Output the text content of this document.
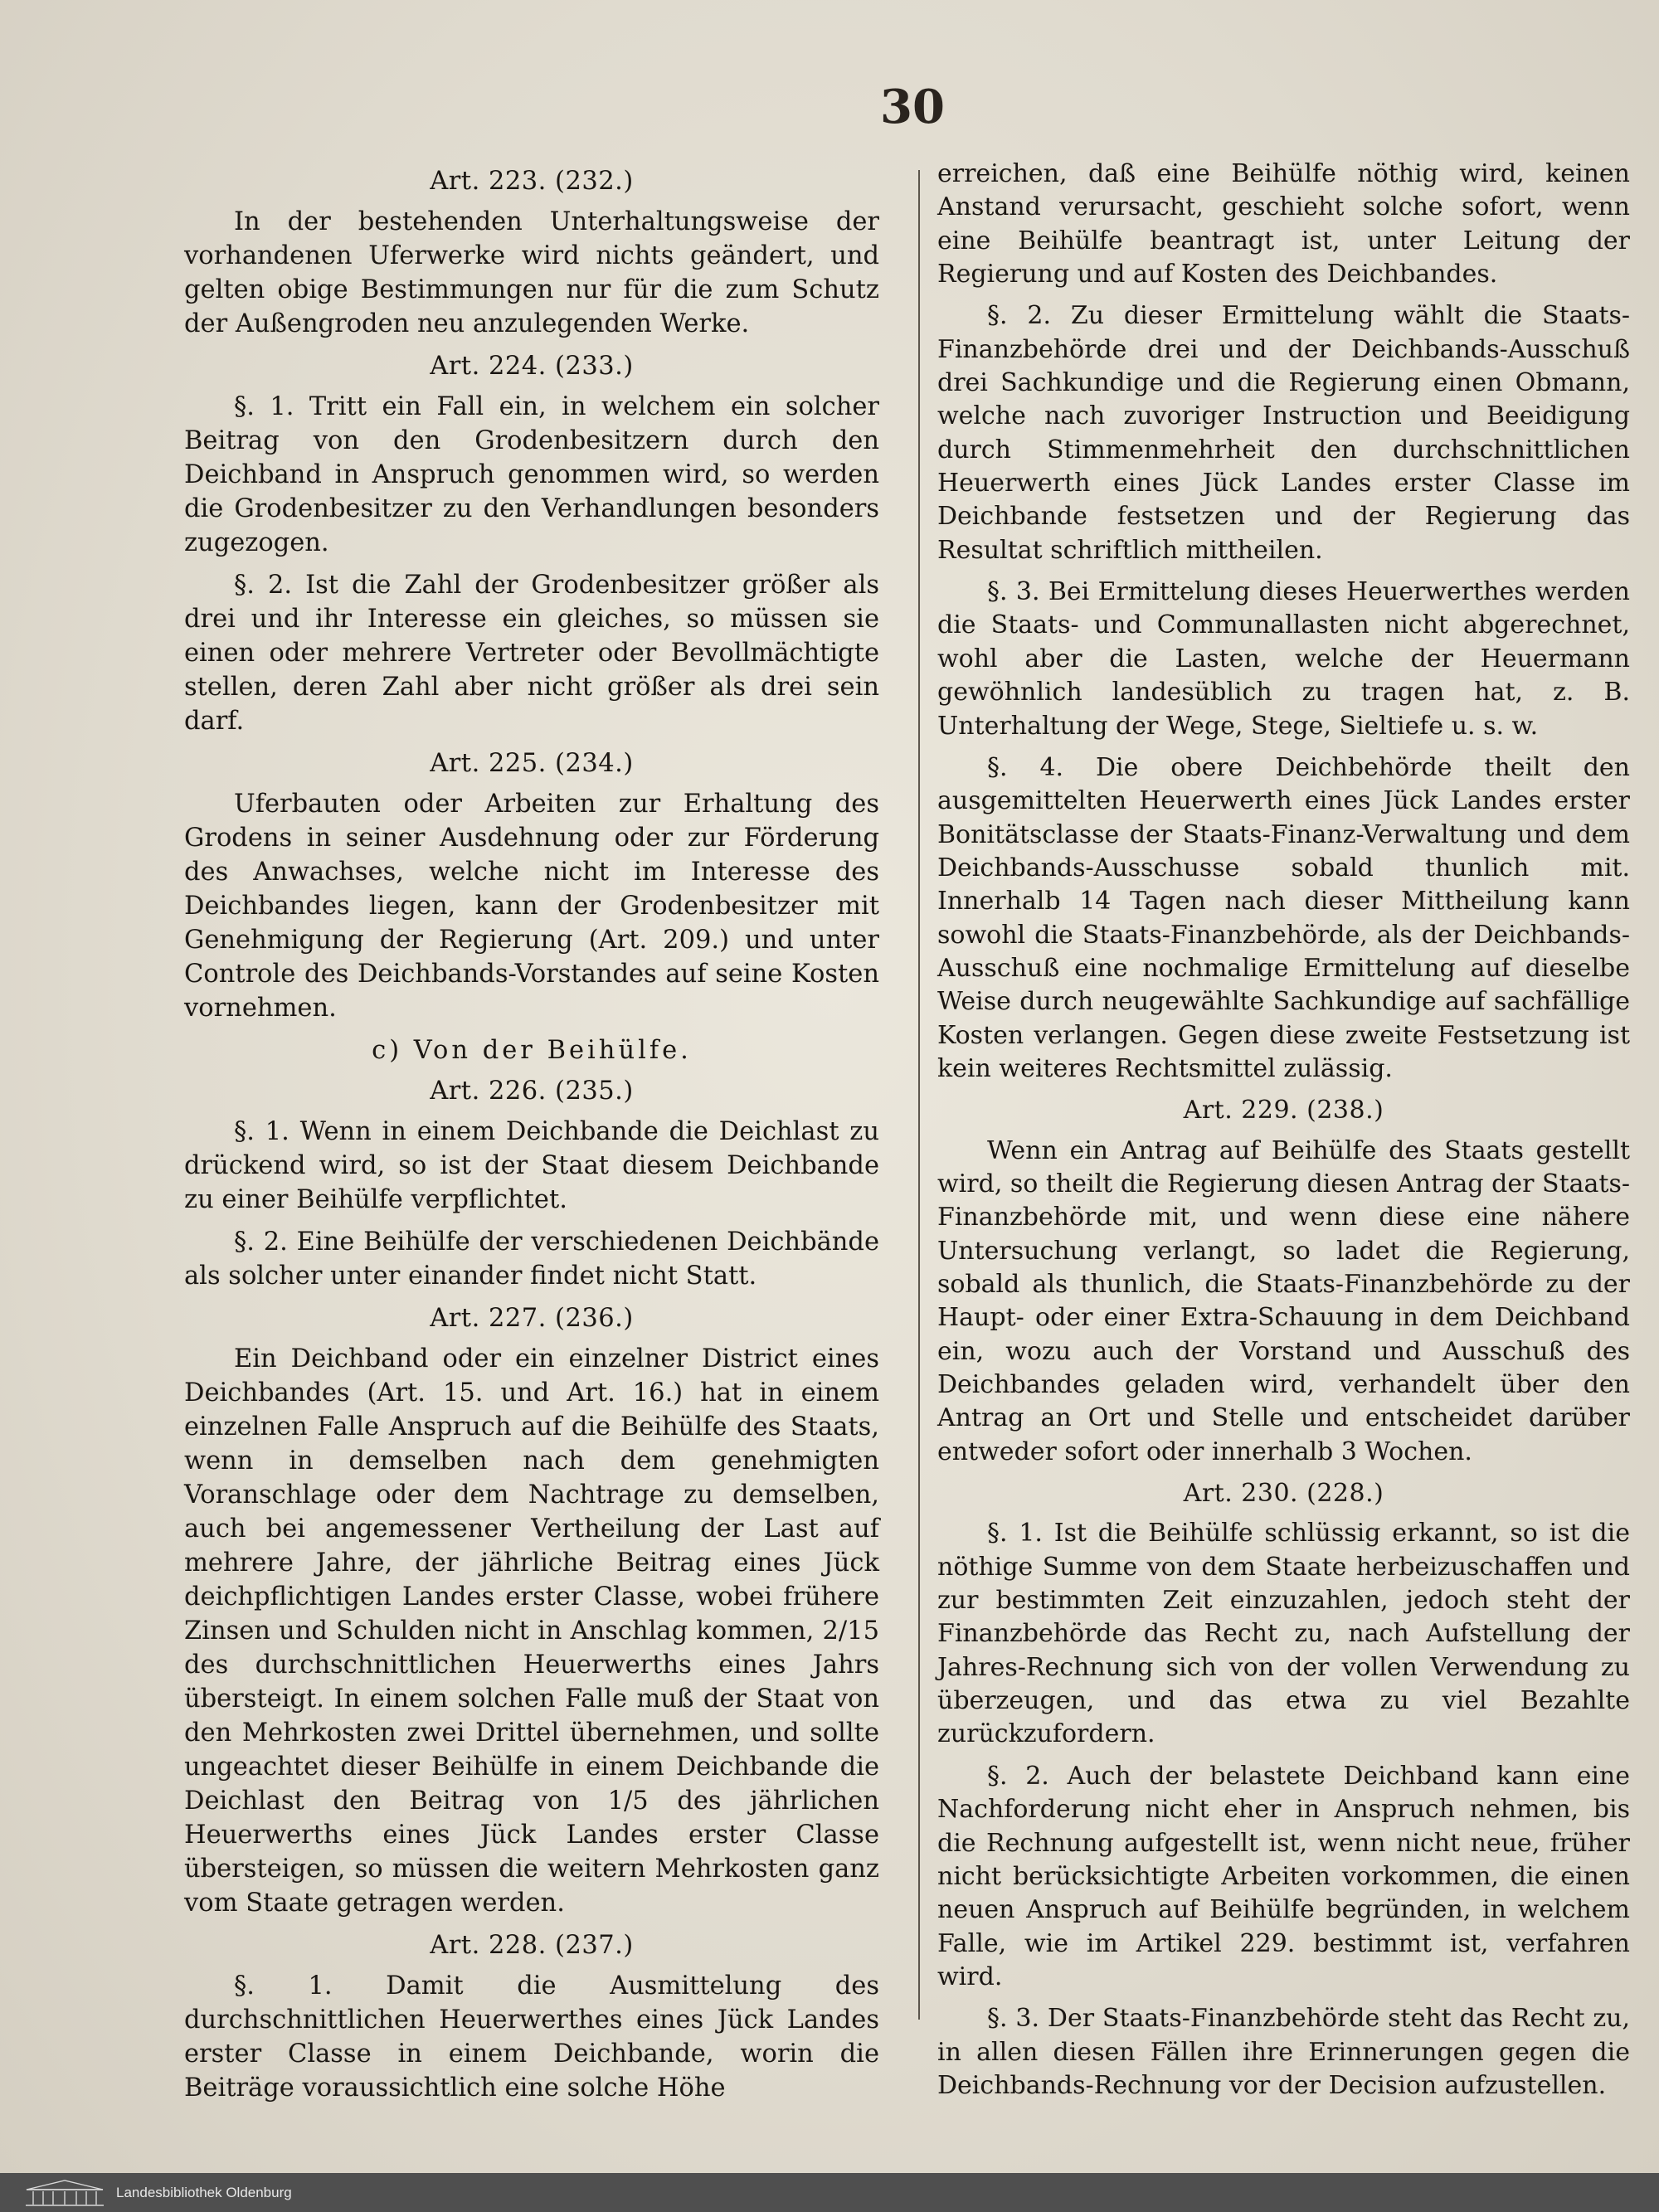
30
Art. 223. (232.)

In der bestehenden Unterhaltungsweise der vorhandenen Uferwerke wird nichts geändert, und gelten obige Bestimmungen nur für die zum Schutz der Außengroden neu anzulegenden Werke.

Art. 224. (233.)

§. 1. Tritt ein Fall ein, in welchem ein solcher Beitrag von den Grodenbesitzern durch den Deichband in Anspruch genommen wird, so werden die Grodenbesitzer zu den Verhandlungen besonders zugezogen.

§. 2. Ist die Zahl der Grodenbesitzer größer als drei und ihr Interesse ein gleiches, so müssen sie einen oder mehrere Vertreter oder Bevollmächtigte stellen, deren Zahl aber nicht größer als drei sein darf.

Art. 225. (234.)

Uferbauten oder Arbeiten zur Erhaltung des Grodens in seiner Ausdehnung oder zur Förderung des Anwachses, welche nicht im Interesse des Deichbandes liegen, kann der Grodenbesitzer mit Genehmigung der Regierung (Art. 209.) und unter Controle des Deichbands-Vorstandes auf seine Kosten vornehmen.

c) Von der Beihülfe.
Art. 226. (235.)

§. 1. Wenn in einem Deichbande die Deichlast zu drückend wird, so ist der Staat diesem Deichbande zu einer Beihülfe verpflichtet.

§. 2. Eine Beihülfe der verschiedenen Deichbände als solcher unter einander findet nicht Statt.

Art. 227. (236.)

Ein Deichband oder ein einzelner District eines Deichbandes (Art. 15. und Art. 16.) hat in einem einzelnen Falle Anspruch auf die Beihülfe des Staats, wenn in demselben nach dem genehmigten Voranschlage oder dem Nachtrage zu demselben, auch bei angemessener Vertheilung der Last auf mehrere Jahre, der jährliche Beitrag eines Jück deichpflichtigen Landes erster Classe, wobei frühere Zinsen und Schulden nicht in Anschlag kommen, 2/15 des durchschnittlichen Heuerwerths eines Jahrs übersteigt. In einem solchen Falle muß der Staat von den Mehrkosten zwei Drittel übernehmen, und sollte ungeachtet dieser Beihülfe in einem Deichbande die Deichlast den Beitrag von 1/5 des jährlichen Heuerwerths eines Jück Landes erster Classe übersteigen, so müssen die weitern Mehrkosten ganz vom Staate getragen werden.

Art. 228. (237.)

§. 1. Damit die Ausmittelung des durchschnittlichen Heuerwerthes eines Jück Landes erster Classe in einem Deichbande, worin die Beiträge voraussichtlich eine solche Höhe

erreichen, daß eine Beihülfe nöthig wird, keinen Anstand verursacht, geschieht solche sofort, wenn eine Beihülfe beantragt ist, unter Leitung der Regierung und auf Kosten des Deichbandes.

§. 2. Zu dieser Ermittelung wählt die Staats-Finanzbehörde drei und der Deichbands-Ausschuß drei Sachkundige und die Regierung einen Obmann, welche nach zuvoriger Instruction und Beeidigung durch Stimmenmehrheit den durchschnittlichen Heuerwerth eines Jück Landes erster Classe im Deichbande festsetzen und der Regierung das Resultat schriftlich mittheilen.

§. 3. Bei Ermittelung dieses Heuerwerthes werden die Staats- und Communallasten nicht abgerechnet, wohl aber die Lasten, welche der Heuermann gewöhnlich landesüblich zu tragen hat, z. B. Unterhaltung der Wege, Stege, Sieltiefe u. s. w.

§. 4. Die obere Deichbehörde theilt den ausgemittelten Heuerwerth eines Jück Landes erster Bonitätsclasse der Staats-Finanz-Verwaltung und dem Deichbands-Ausschusse sobald thunlich mit. Innerhalb 14 Tagen nach dieser Mittheilung kann sowohl die Staats-Finanzbehörde, als der Deichbands-Ausschuß eine nochmalige Ermittelung auf dieselbe Weise durch neugewählte Sachkundige auf sachfällige Kosten verlangen. Gegen diese zweite Festsetzung ist kein weiteres Rechtsmittel zulässig.

Art. 229. (238.)

Wenn ein Antrag auf Beihülfe des Staats gestellt wird, so theilt die Regierung diesen Antrag der Staats-Finanzbehörde mit, und wenn diese eine nähere Untersuchung verlangt, so ladet die Regierung, sobald als thunlich, die Staats-Finanzbehörde zu der Haupt- oder einer Extra-Schauung in dem Deichband ein, wozu auch der Vorstand und Ausschuß des Deichbandes geladen wird, verhandelt über den Antrag an Ort und Stelle und entscheidet darüber entweder sofort oder innerhalb 3 Wochen.

Art. 230. (228.)

§. 1. Ist die Beihülfe schlüssig erkannt, so ist die nöthige Summe von dem Staate herbeizuschaffen und zur bestimmten Zeit einzuzahlen, jedoch steht der Finanzbehörde das Recht zu, nach Aufstellung der Jahres-Rechnung sich von der vollen Verwendung zu überzeugen, und das etwa zu viel Bezahlte zurückzufordern.

§. 2. Auch der belastete Deichband kann eine Nachforderung nicht eher in Anspruch nehmen, bis die Rechnung aufgestellt ist, wenn nicht neue, früher nicht berücksichtigte Arbeiten vorkommen, die einen neuen Anspruch auf Beihülfe begründen, in welchem Falle, wie im Artikel 229. bestimmt ist, verfahren wird.

§. 3. Der Staats-Finanzbehörde steht das Recht zu, in allen diesen Fällen ihre Erinnerungen gegen die Deichbands-Rechnung vor der Decision aufzustellen.

Landesbibliothek Oldenburg
